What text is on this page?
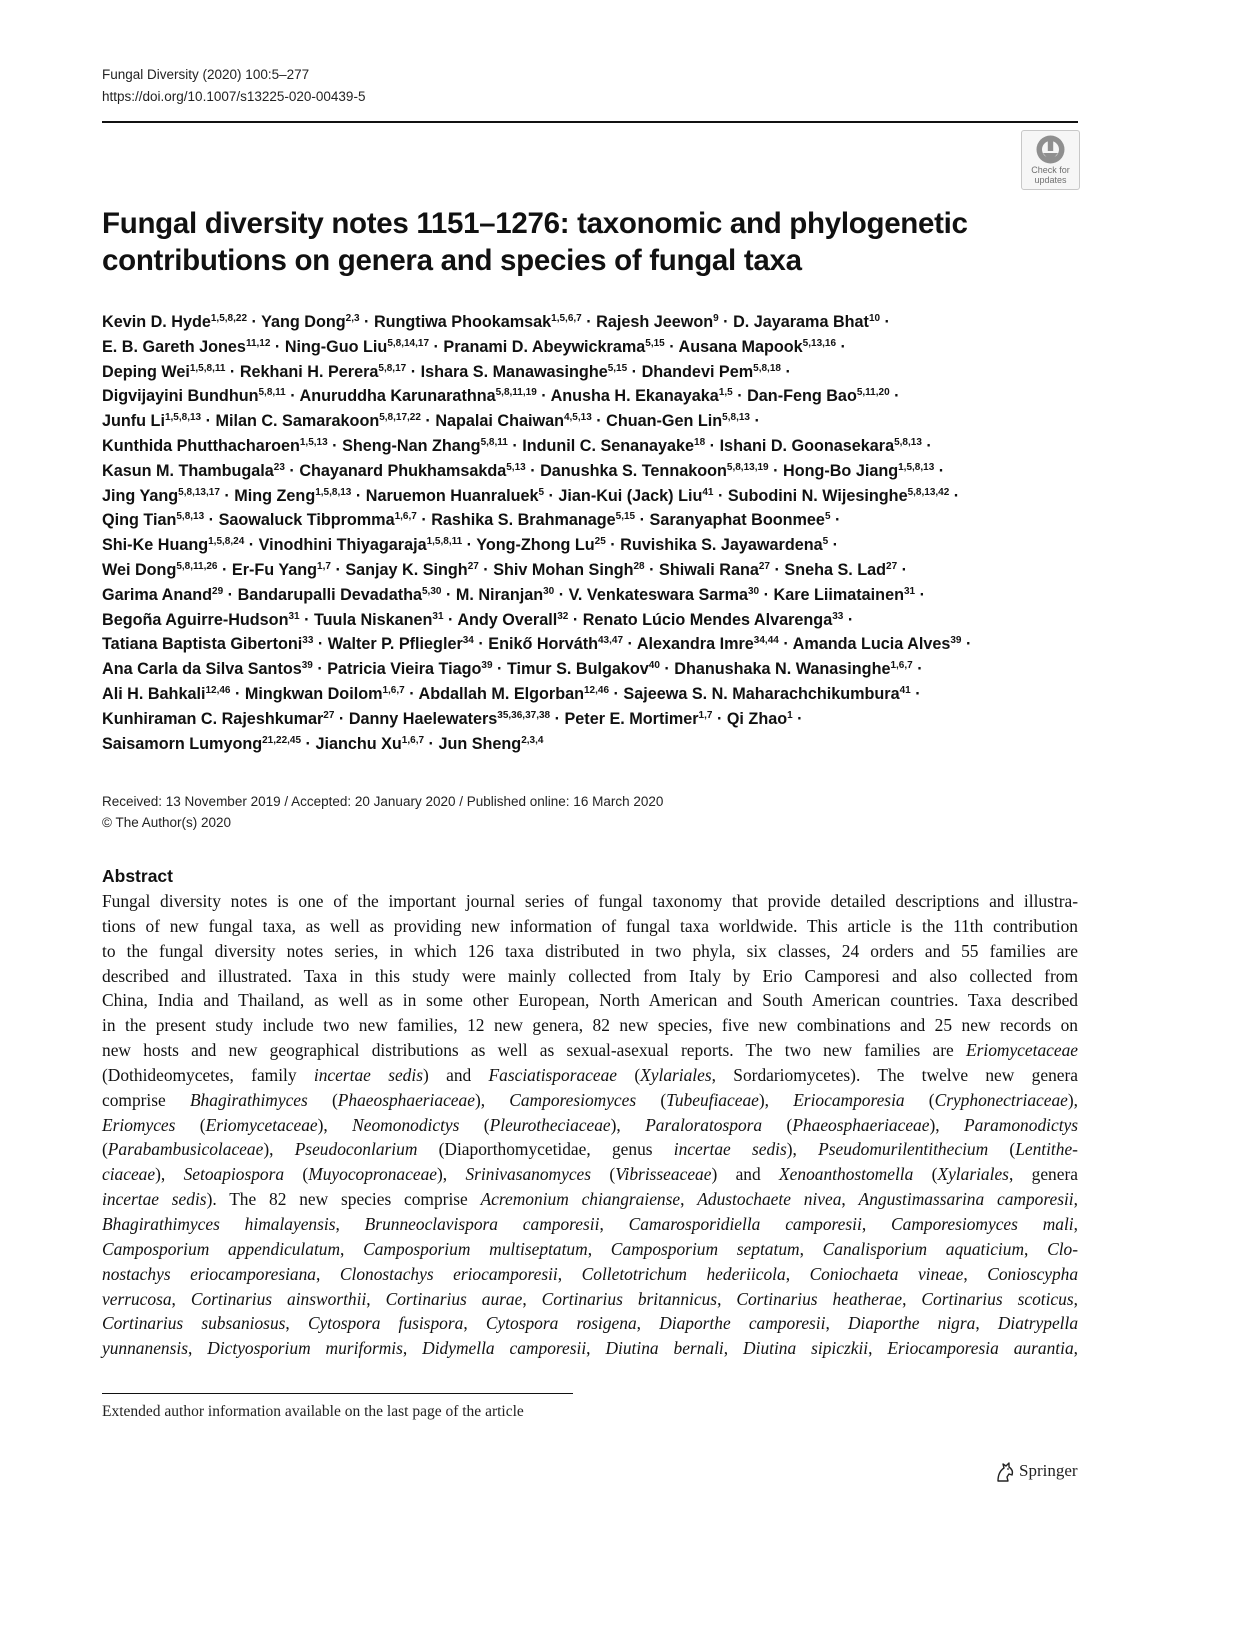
Fungal Diversity (2020) 100:5–277
https://doi.org/10.1007/s13225-020-00439-5
Check for
updates
Fungal diversity notes 1151–1276: taxonomic and phylogenetic
contributions on genera and species of fungal taxa
Kevin D. Hyde$^{1,5,8,22}$ · Yang Dong$^{2,3}$ · Rungtiwa Phookamsak$^{1,5,6,7}$ · Rajesh Jeewon$^9$ · D. Jayarama Bhat$^{10}$ ·
E. B. Gareth Jones$^{11,12}$ · Ning-Guo Liu$^{5,8,14,17}$ · Pranami D. Abeywickrama$^{5,15}$ · Ausana Mapook$^{5,13,16}$ ·
Deping Wei$^{1,5,8,11}$ · Rekhani H. Perera$^{5,8,17}$ · Ishara S. Manawasinghe$^{5,15}$ · Dhandevi Pem$^{5,8,18}$ ·
Digvijayini Bundhun$^{5,8,11}$ · Anuruddha Karunarathna$^{5,8,11,19}$ · Anusha H. Ekanayaka$^{1,5}$ · Dan-Feng Bao$^{5,11,20}$ ·
Junfu Li$^{1,5,8,13}$ · Milan C. Samarakoon$^{5,8,17,22}$ · Napalai Chaiwan$^{4,5,13}$ · Chuan-Gen Lin$^{5,8,13}$ ·
Kunthida Phutthacharoen$^{1,5,13}$ · Sheng-Nan Zhang$^{5,8,11}$ · Indunil C. Senanayake$^{18}$ · Ishani D. Goonasekara$^{5,8,13}$ ·
Kasun M. Thambugala$^{23}$ · Chayanard Phukhamsakda$^{5,13}$ · Danushka S. Tennakoon$^{5,8,13,19}$ · Hong-Bo Jiang$^{1,5,8,13}$ ·
Jing Yang$^{5,8,13,17}$ · Ming Zeng$^{1,5,8,13}$ · Naruemon Huanraluek$^5$ · Jian-Kui (Jack) Liu$^{41}$ · Subodini N. Wijesinghe$^{5,8,13,42}$ ·
Qing Tian$^{5,8,13}$ · Saowaluck Tibpromma$^{1,6,7}$ · Rashika S. Brahmanage$^{5,15}$ · Saranyaphat Boonmee$^5$ ·
Shi-Ke Huang$^{1,5,8,24}$ · Vinodhini Thiyagaraja$^{1,5,8,11}$ · Yong-Zhong $Lu^{25}$ · Ruvishika S. Jayawardena$^5$ ·
Wei Dong$^{5,8,11,26}$ · Er-Fu Yang$^{1,7}$ · Sanjay K. Singh$^{27}$ · Shiv Mohan Singh$^{28}$ · Shiwali Rana$^{27}$ · Sneha S. Lad$^{27}$ ·
Garima Anand$^{29}$ · Bandarupalli Devadatha$^{5,30}$ · M. Niranjan$^{30}$ · V. Venkateswara Sarma$^{30}$ · Kare Liimatainen$^{31}$ ·
Begoña Aguirre-Hudson$^{31}$ · Tuula Niskanen$^{31}$ · Andy Overall$^{32}$ · Renato Lúcio Mendes Alvarenga$^{33}$ ·
Tatiana Baptista Gibertoni$^{33}$ · Walter P. Pfliegler$^{34}$ · Enikő Horváth$^{43,47}$ · Alexandra Imre$^{34,44}$ · Amanda Lucia Alves$^{39}$ ·
Ana Carla da Silva Santos$^{39}$ · Patricia Vieira Tiago$^{39}$ · Timur S. Bulgakov$^{40}$ · Dhanushaka N. Wanasinghe$^{1,6,7}$ ·
Ali H. Bahkali$^{12,46}$ · Mingkwan Doilom$^{1,6,7}$ · Abdallah M. Elgorban$^{12,46}$ · Sajeewa S. N. Maharachchikumbura$^{41}$ ·
Kunhiraman C. Rajeshkumar$^{27}$ · Danny Haelewaters$^{35,36,37,38}$ · Peter E. Mortimer$^{1,7}$ · Qi Zhao$^1$ ·
Saisamorn Lumyong$^{21,22,45}$ · Jianchu Xu$^{1,6,7}$ · Jun Sheng$^{2,3,4}$
Received: 13 November 2019 / Accepted: 20 January 2020 / Published online: 16 March 2020
© The Author(s) 2020
Abstract
Fungal diversity notes is one of the important journal series of fungal taxonomy that provide detailed descriptions and illustra-
tions of new fungal taxa, as well as providing new information of fungal taxa worldwide. This article is the 11th contribution
to the fungal diversity notes series, in which 126 taxa distributed in two phyla, six classes, 24 orders and 55 families are
described and illustrated. Taxa in this study were mainly collected from Italy by Erio Camporesi and also collected from
China, India and Thailand, as well as in some other European, North American and South American countries. Taxa described
in the present study include two new families, 12 new genera, 82 new species, five new combinations and 25 new records on
new hosts and new geographical distributions as well as sexual-asexual reports. The two new families are Eriomycetaceae
(Dothideomycetes, family incertae sedis) and Fasciatisporaceae (Xylariales, Sordariomycetes). The twelve new genera
comprise Bhagirathimyces (Phaeosphaeriaceae), Camporesiomyces (Tubeufiaceae), Eriocamporesia (Cryphonectriaceae),
Eriomyces (Eriomycetaceae), Neomonodictys (Pleurotheciaceae), Paraloratospora (Phaeosphaeriaceae), Paramonodictys
(Parabambusicolaceae), Pseudoconlarium (Diaporthomycetidae, genus incertae sedis), Pseudomurilentithecium (Lentithe-
ciaceae), Setoapiospora (Muyocopronaceae), Srinivasanomyces (Vibrisseaceae) and Xenoanthostomella (Xylariales, genera
incertae sedis). The 82 new species comprise Acremonium chiangraiense, Adustochaete nivea, Angustimassarina camporesii,
Bhagirathimyces himalayensis, Brunneoclavispora camporesii, Camarosporidiella camporesii, Camporesiomyces mali,
Camposporium appendiculatum, Camposporium multiseptatum, Camposporium septatum, Canalisporium aquaticium, Clo-
nostachys eriocamporesiana, Clonostachys eriocamporesii, Colletotrichum hederiicola, Coniochaeta vineae, Conioscypha
verrucosa, Cortinarius ainsworthii, Cortinarius aurae, Cortinarius britannicus, Cortinarius heatherae, Cortinarius scoticus,
Cortinarius subsaniosus, Cytospora fusispora, Cytospora rosigena, Diaporthe camporesii, Diaporthe nigra, Diatrypella
yunnanensis, Dictyosporium muriformis, Didymella camporesii, Diutina bernali, Diutina sipiczkii, Eriocamporesia aurantia,
Extended author information available on the last page of the article
Springer
